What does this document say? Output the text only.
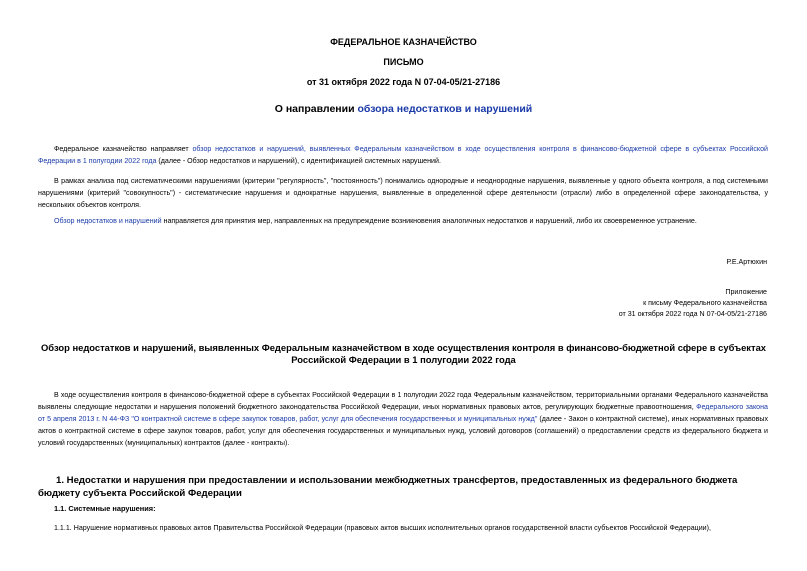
ФЕДЕРАЛЬНОЕ КАЗНАЧЕЙСТВО
ПИСЬМО
от 31 октября 2022 года N 07-04-05/21-27186
О направлении обзора недостатков и нарушений
Федеральное казначейство направляет обзор недостатков и нарушений, выявленных Федеральным казначейством в ходе осуществления контроля в финансово-бюджетной сфере в субъектах Российской Федерации в 1 полугодии 2022 года (далее - Обзор недостатков и нарушений), с идентификацией системных нарушений.
В рамках анализа под систематическими нарушениями (критерии "регулярность", "постоянность") понимались однородные и неоднородные нарушения, выявленные у одного объекта контроля, а под системными нарушениями (критерий "совокупность") - систематические нарушения и однократные нарушения, выявленные в определенной сфере деятельности (отрасли) либо в определенной сфере законодательства, у нескольких объектов контроля.
Обзор недостатков и нарушений направляется для принятия мер, направленных на предупреждение возникновения аналогичных недостатков и нарушений, либо их своевременное устранение.
Р.Е.Артюхин
Приложение
к письму Федерального казначейства
от 31 октября 2022 года N 07-04-05/21-27186
Обзор недостатков и нарушений, выявленных Федеральным казначейством в ходе осуществления контроля в финансово-бюджетной сфере в субъектах
Российской Федерации в 1 полугодии 2022 года
В ходе осуществления контроля в финансово-бюджетной сфере в субъектах Российской Федерации в 1 полугодии 2022 года Федеральным казначейством, территориальными органами Федерального казначейства выявлены следующие недостатки и нарушения положений бюджетного законодательства Российской Федерации, иных нормативных правовых актов, регулирующих бюджетные правоотношения, Федерального закона от 5 апреля 2013 г. N 44-ФЗ "О контрактной системе в сфере закупок товаров, работ, услуг для обеспечения государственных и муниципальных нужд" (далее - Закон о контрактной системе), иных нормативных правовых актов о контрактной системе в сфере закупок товаров, работ, услуг для обеспечения государственных и муниципальных нужд, условий договоров (соглашений) о предоставлении средств из федерального бюджета и условий государственных (муниципальных) контрактов (далее - контракты).
1. Недостатки и нарушения при предоставлении и использовании межбюджетных трансфертов, предоставленных из федерального бюджета бюджету субъекта Российской Федерации
1.1. Системные нарушения:
1.1.1. Нарушение нормативных правовых актов Правительства Российской Федерации (правовых актов высших исполнительных органов государственной власти субъектов Российской Федерации),
